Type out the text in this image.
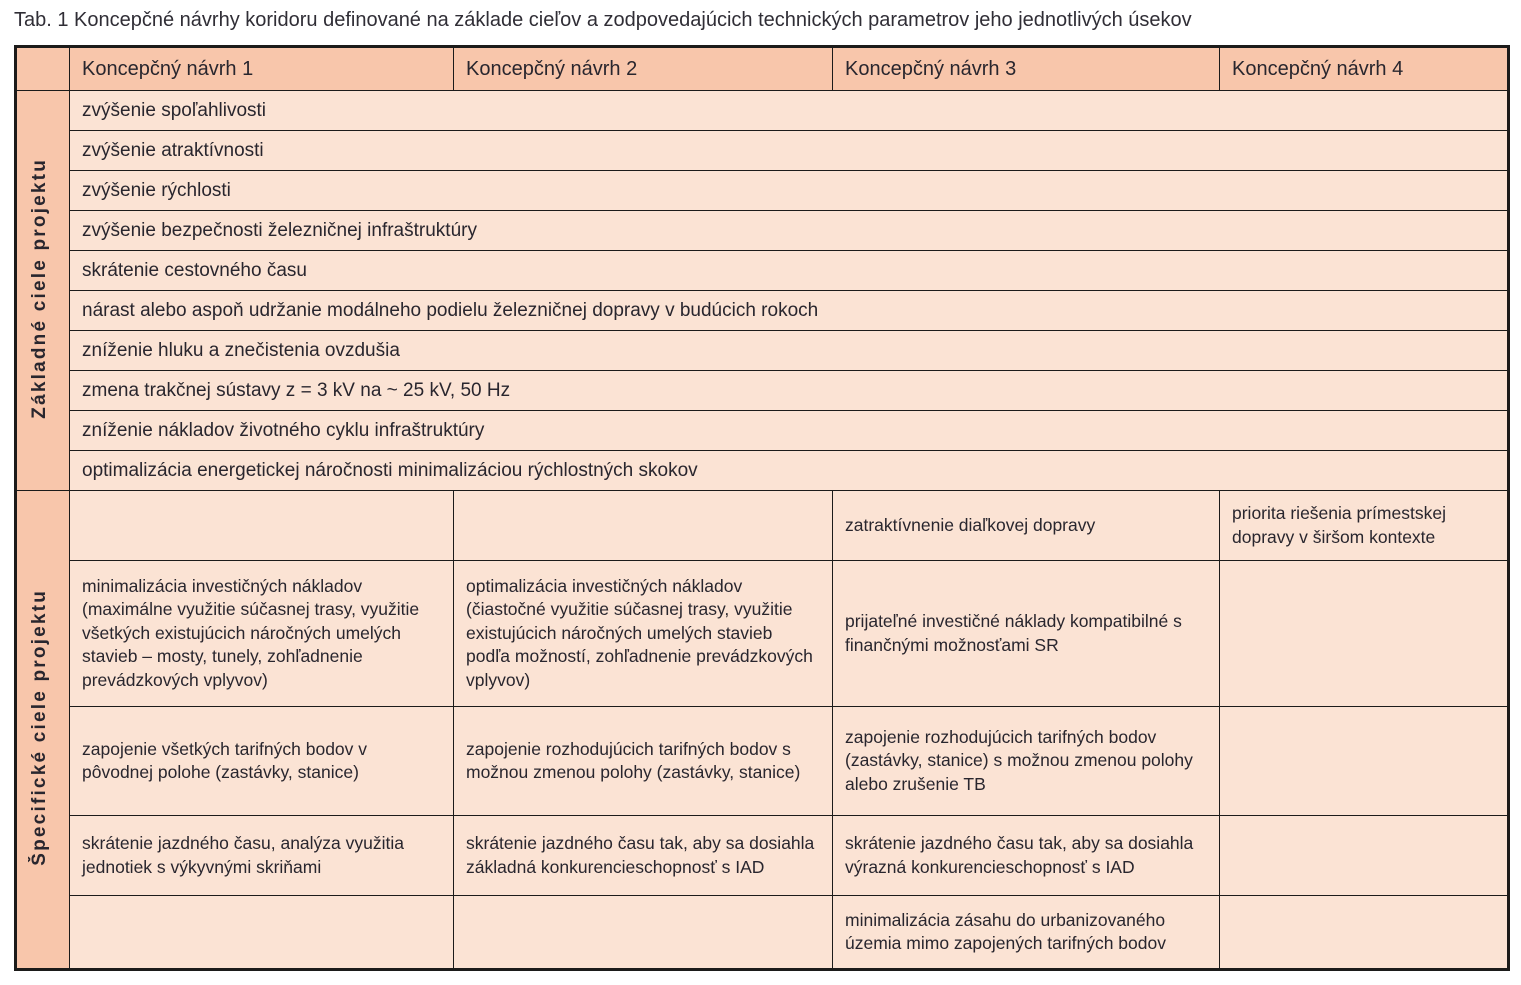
Tab. 1 Koncepčné návrhy koridoru definované na základe cieľov a zodpovedajúcich technických parametrov jeho jednotlivých úsekov
	Koncepčný návrh 1	Koncepčný návrh 2	Koncepčný návrh 3	Koncepčný návrh 4
Základné ciele projektu	zvýšenie spoľahlivosti			
	zvýšenie atraktívnosti			
	zvýšenie rýchlosti			
	zvýšenie bezpečnosti železničnej infraštruktúry			
	skrátenie cestovného času			
	nárast alebo aspoň udržanie modálneho podielu železničnej dopravy v budúcich rokoch			
	zníženie hluku a znečistenia ovzdušia			
	zmena trakčnej sústavy z = 3 kV na ~ 25 kV, 50 Hz			
	zníženie nákladov životného cyklu infraštruktúry			
	optimalizácia energetickej náročnosti minimalizáciou rýchlostných skokov			
Špecifické ciele projektu			zatraktívnenie diaľkovej dopravy	priorita riešenia prímestskej dopravy v širšom kontexte
	minimalizácia investičných nákladov (maximálne využitie súčasnej trasy, využitie všetkých existujúcich náročných umelých stavieb – mosty, tunely, zohľadnenie prevádzkových vplyvov)	optimalizácia investičných nákladov (čiastočné využitie súčasnej trasy, využitie existujúcich náročných umelých stavieb podľa možností, zohľadnenie prevádzkových vplyvov)	prijateľné investičné náklady kompatibilné s finančnými možnosťami SR	
	zapojenie všetkých tarifných bodov v pôvodnej polohe (zastávky, stanice)	zapojenie rozhodujúcich tarifných bodov s možnou zmenou polohy (zastávky, stanice)	zapojenie rozhodujúcich tarifných bodov (zastávky, stanice) s možnou zmenou polohy alebo zrušenie TB	
	skrátenie jazdného času, analýza využitia jednotiek s výkyvnými skriňami	skrátenie jazdného času tak, aby sa dosiahla základná konkurencieschopnosť s IAD	skrátenie jazdného času tak, aby sa dosiahla výrazná konkurencieschopnosť s IAD	
			minimalizácia zásahu do urbanizovaného územia mimo zapojených tarifných bodov	
